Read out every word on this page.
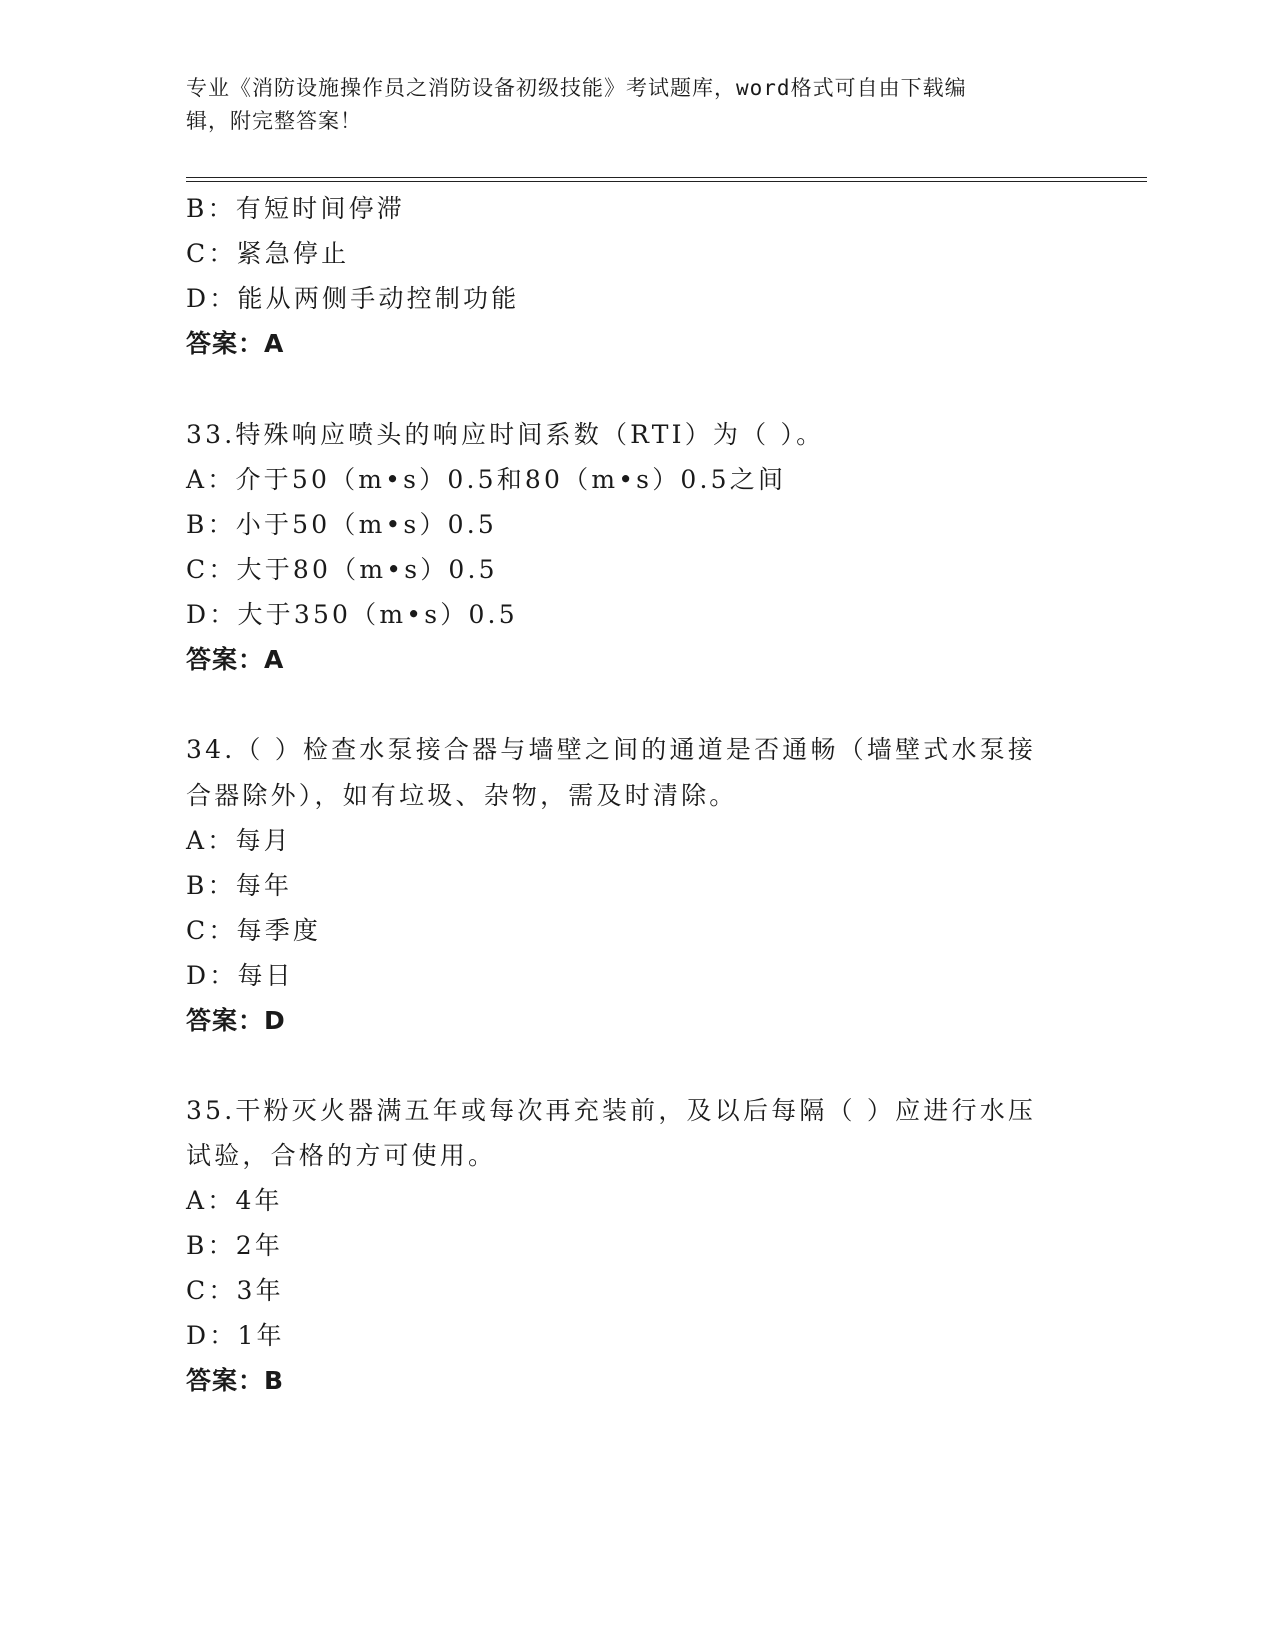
专业《消防设施操作员之消防设备初级技能》考试题库，word格式可自由下载编
辑，附完整答案！
B：有短时间停滞
C：紧急停止
D：能从两侧手动控制功能
答案：A
33.特殊响应喷头的响应时间系数（RTI）为（ ）。
A：介于50（m•s）0.5和80（m•s）0.5之间
B：小于50（m•s）0.5
C：大于80（m•s）0.5
D：大于350（m•s）0.5
答案：A
34.（ ）检查水泵接合器与墙壁之间的通道是否通畅（墙壁式水泵接
合器除外），如有垃圾、杂物，需及时清除。
A：每月
B：每年
C：每季度
D：每日
答案：D
35.干粉灭火器满五年或每次再充装前，及以后每隔（ ）应进行水压
试验，合格的方可使用。
A：4年
B：2年
C：3年
D：1年
答案：B
